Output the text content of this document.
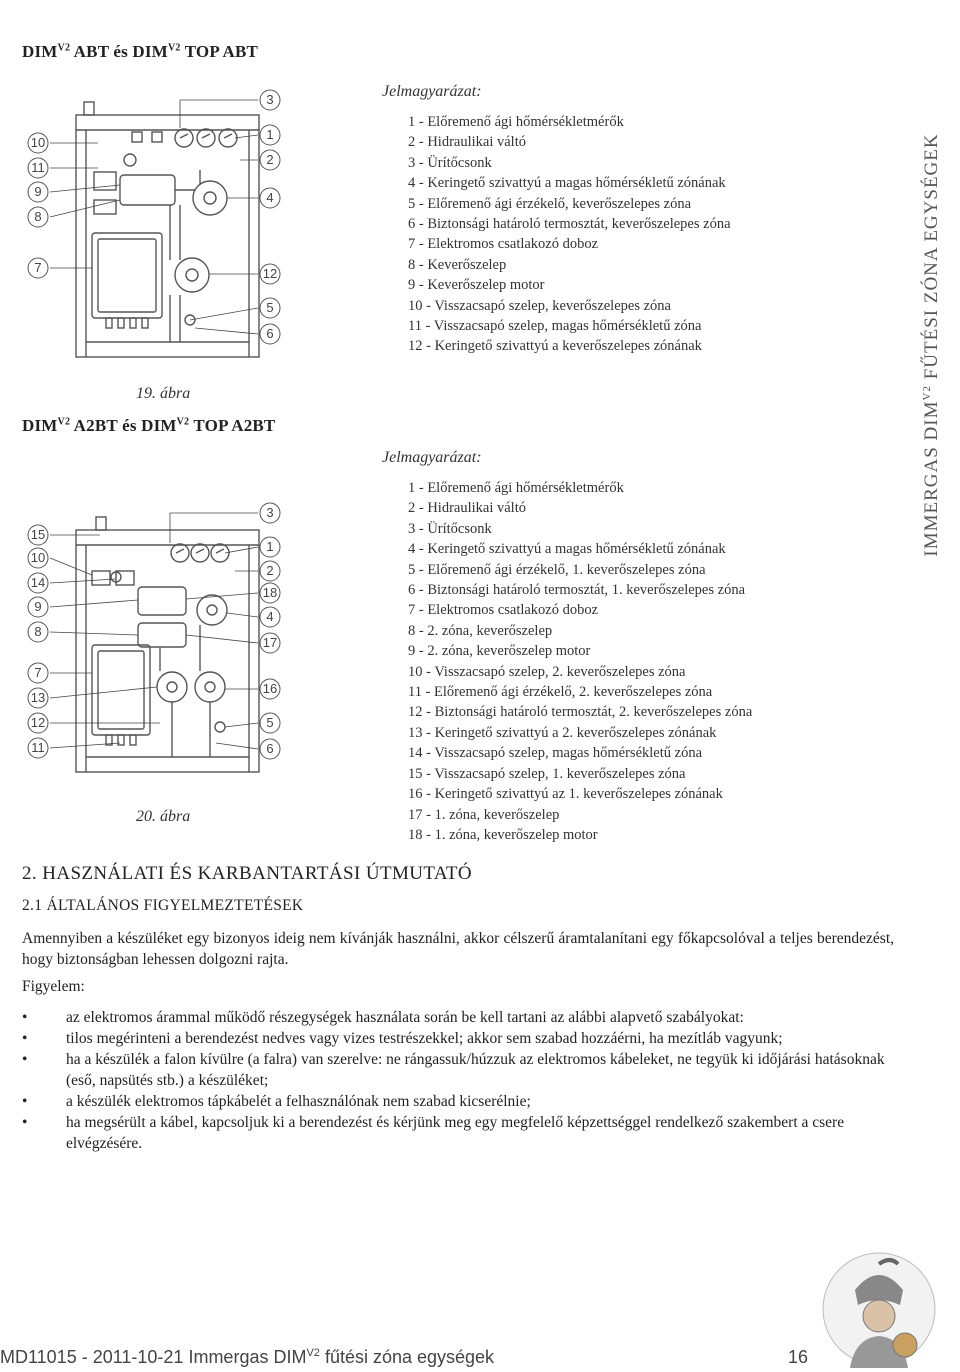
$DIM^{V2}$ ABT és $DIM^{V2}$ TOP ABT
10
11
9
8
7
3
1
2
4
12
5
6
19. ábra
$DIM^{V2}$ A2BT és $DIM^{V2}$ TOP A2BT
15
10
14
9
8
7
13
12
11
3
1
2
18
4
17
16
5
6
20. ábra
Jelmagyarázat:
1 - Előremenő ági hőmérsékletmérők
2 - Hidraulikai váltó
3 - Ürítőcsonk
4 - Keringető szivattyú a magas hőmérsékletű zónának
5 - Előremenő ági érzékelő, keverőszelepes zóna
6 - Biztonsági határoló termosztát, keverőszelepes zóna
7 - Elektromos csatlakozó doboz
8 - Keverőszelep
9 - Keverőszelep motor
10 - Visszacsapó szelep, keverőszelepes zóna
11 - Visszacsapó szelep, magas hőmérsékletű zóna
12 - Keringető szivattyú a keverőszelepes zónának
Jelmagyarázat:
1 - Előremenő ági hőmérsékletmérők
2 - Hidraulikai váltó
3 - Ürítőcsonk
4 - Keringető szivattyú a magas hőmérsékletű zónának
5 - Előremenő ági érzékelő, 1. keverőszelepes zóna
6 - Biztonsági határoló termosztát, 1. keverőszelepes zóna
7 - Elektromos csatlakozó doboz
8 - 2. zóna, keverőszelep
9 - 2. zóna, keverőszelep motor
10 - Visszacsapó szelep, 2. keverőszelepes zóna
11 - Előremenő ági érzékelő, 2. keverőszelepes zóna
12 - Biztonsági határoló termosztát, 2. keverőszelepes zóna
13 - Keringető szivattyú a 2. keverőszelepes zónának
14 - Visszacsapó szelep, magas hőmérsékletű zóna
15 - Visszacsapó szelep, 1. keverőszelepes zóna
16 - Keringető szivattyú az 1. keverőszelepes zónának
17 - 1. zóna, keverőszelep
18 - 1. zóna, keverőszelep motor
IMMERGAS $DIM^{V2}$ FŰTÉSI ZÓNA EGYSÉGEK
2. HASZNÁLATI ÉS KARBANTARTÁSI ÚTMUTATÓ
2.1 ÁLTALÁNOS FIGYELMEZTETÉSEK
Amennyiben a készüléket egy bizonyos ideig nem kívánják használni, akkor célszerű áramtalanítani egy főkapcsolóval a teljes berendezést, hogy biztonságban lehessen dolgozni rajta.
Figyelem:
• az elektromos árammal működő részegységek használata során be kell tartani az alábbi alapvető szabályokat:
• tilos megérinteni a berendezést nedves vagy vizes testrészekkel; akkor sem szabad hozzáérni, ha mezítláb vagyunk;
• ha a készülék a falon kívülre (a falra) van szerelve: ne rángassuk/húzzuk az elektromos kábeleket, ne tegyük ki időjárási hatásoknak (eső, napsütés stb.) a készüléket;
• a készülék elektromos tápkábelét a felhasználónak nem szabad kicserélnie;
• ha megsérült a kábel, kapcsoljuk ki a berendezést és kérjünk meg egy megfelelő képzettséggel rendelkező szakembert a csere elvégzésére.
MD11015 - 2011-10-21 Immergas $DIM^{V2}$ fűtési zóna egységek	16
